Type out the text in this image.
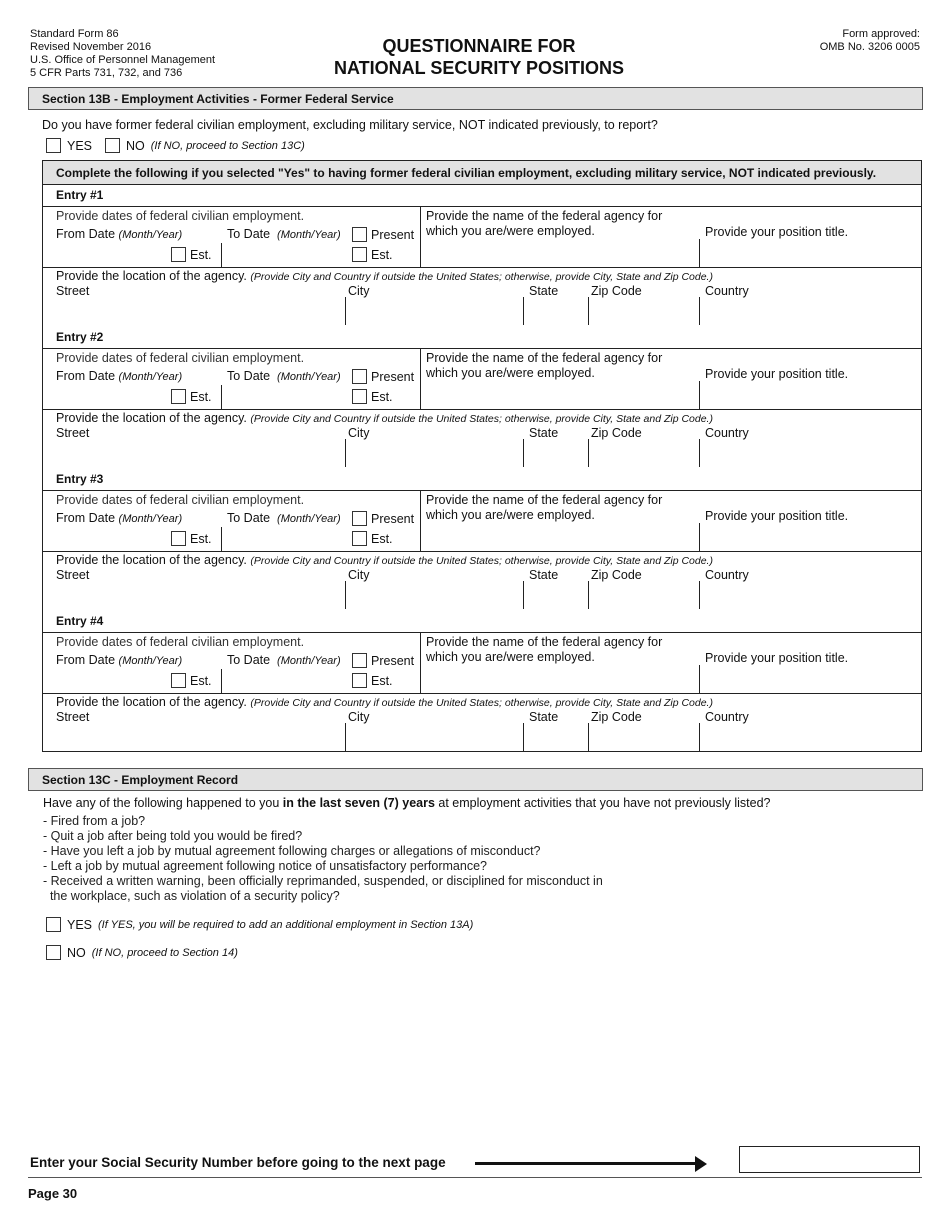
Standard Form 86
Revised November 2016
U.S. Office of Personnel Management
5 CFR Parts 731, 732, and 736
QUESTIONNAIRE FOR
NATIONAL SECURITY POSITIONS
Form approved:
OMB No. 3206 0005
Section 13B - Employment Activities - Former Federal Service
Do you have former federal civilian employment, excluding military service, NOT indicated previously, to report?
YES	NO (If NO, proceed to Section 13C)
Complete the following if you selected "Yes" to having former federal civilian employment, excluding military service, NOT indicated previously.
Entry #1
Provide dates of federal civilian employment.
From Date (Month/Year)	To Date (Month/Year) Present
Est.	Est.
Provide the name of the federal agency for
which you are/were employed.	Provide your position title.
Provide the location of the agency. (Provide City and Country if outside the United States; otherwise, provide City, State and Zip Code.)
Street	City	State	Zip Code	Country
Entry #2
Provide dates of federal civilian employment.
From Date (Month/Year)	To Date (Month/Year) Present
Est.	Est.
Provide the name of the federal agency for
which you are/were employed.	Provide your position title.
Provide the location of the agency. (Provide City and Country if outside the United States; otherwise, provide City, State and Zip Code.)
Street	City	State	Zip Code	Country
Entry #3
Provide dates of federal civilian employment.
From Date (Month/Year)	To Date (Month/Year) Present
Est.	Est.
Provide the name of the federal agency for
which you are/were employed.	Provide your position title.
Provide the location of the agency. (Provide City and Country if outside the United States; otherwise, provide City, State and Zip Code.)
Street	City	State	Zip Code	Country
Entry #4
Provide dates of federal civilian employment.
From Date (Month/Year)	To Date (Month/Year) Present
Est.	Est.
Provide the name of the federal agency for
which you are/were employed.	Provide your position title.
Provide the location of the agency. (Provide City and Country if outside the United States; otherwise, provide City, State and Zip Code.)
Street	City	State	Zip Code	Country
Section 13C - Employment Record
Have any of the following happened to you in the last seven (7) years at employment activities that you have not previously listed?
- Fired from a job?
- Quit a job after being told you would be fired?
- Have you left a job by mutual agreement following charges or allegations of misconduct?
- Left a job by mutual agreement following notice of unsatisfactory performance?
- Received a written warning, been officially reprimanded, suspended, or disciplined for misconduct in
the workplace, such as violation of a security policy?
YES (If YES, you will be required to add an additional employment in Section 13A)
NO (If NO, proceed to Section 14)
Enter your Social Security Number before going to the next page
Page 30
